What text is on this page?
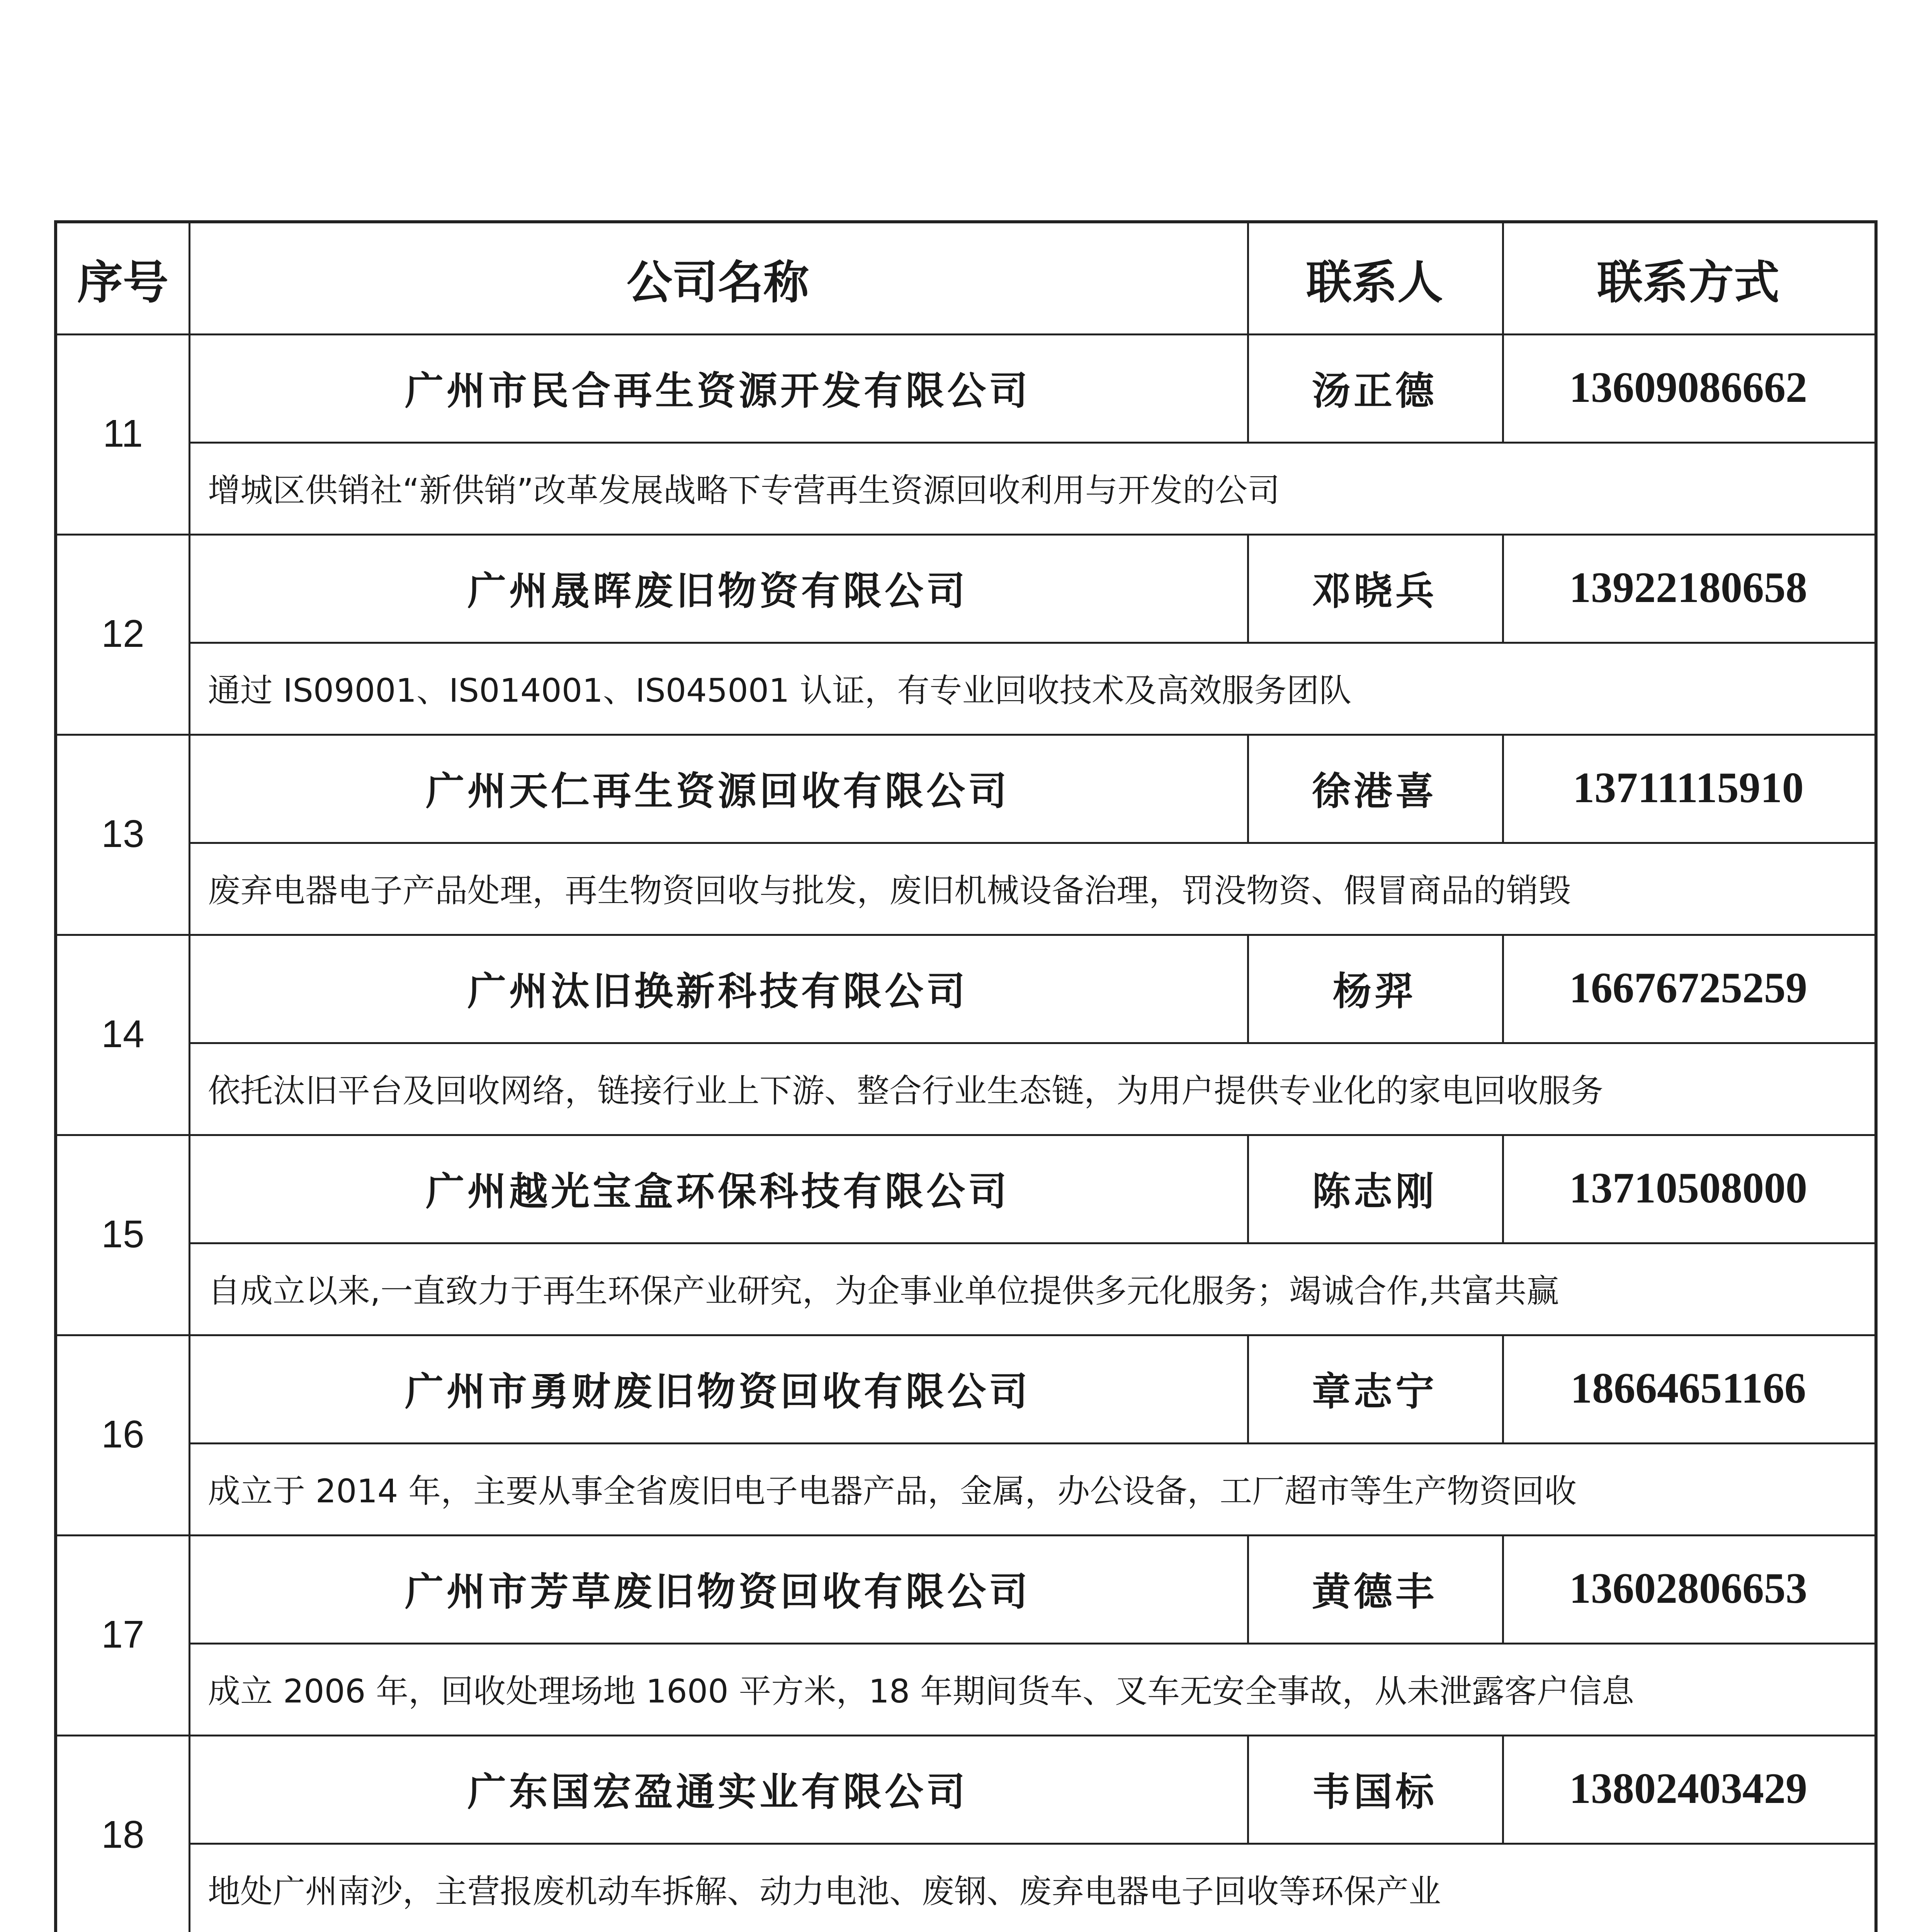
序号	公司名称	联系人	联系方式
11
广州市民合再生资源开发有限公司	汤正德	13609086662
增城区供销社“新供销”改革发展战略下专营再生资源回收利用与开发的公司
12
广州晟晖废旧物资有限公司	邓晓兵	13922180658
通过 IS09001、IS014001、IS045001 认证，有专业回收技术及高效服务团队
13
广州天仁再生资源回收有限公司	徐港喜	13711115910
废弃电器电子产品处理，再生物资回收与批发，废旧机械设备治理，罚没物资、假冒商品的销毁
14
广州汰旧换新科技有限公司	杨羿	16676725259
依托汰旧平台及回收网络，链接行业上下游、整合行业生态链，为用户提供专业化的家电回收服务
15
广州越光宝盒环保科技有限公司	陈志刚	13710508000
自成立以来,一直致力于再生环保产业研究，为企事业单位提供多元化服务；竭诚合作,共富共赢
16
广州市勇财废旧物资回收有限公司	章志宁	18664651166
成立于 2014 年，主要从事全省废旧电子电器产品，金属，办公设备，工厂超市等生产物资回收
17
广州市芳草废旧物资回收有限公司	黄德丰	13602806653
成立 2006 年，回收处理场地 1600 平方米，18 年期间货车、叉车无安全事故，从未泄露客户信息
18
广东国宏盈通实业有限公司	韦国标	13802403429
地处广州南沙，主营报废机动车拆解、动力电池、废钢、废弃电器电子回收等环保产业
